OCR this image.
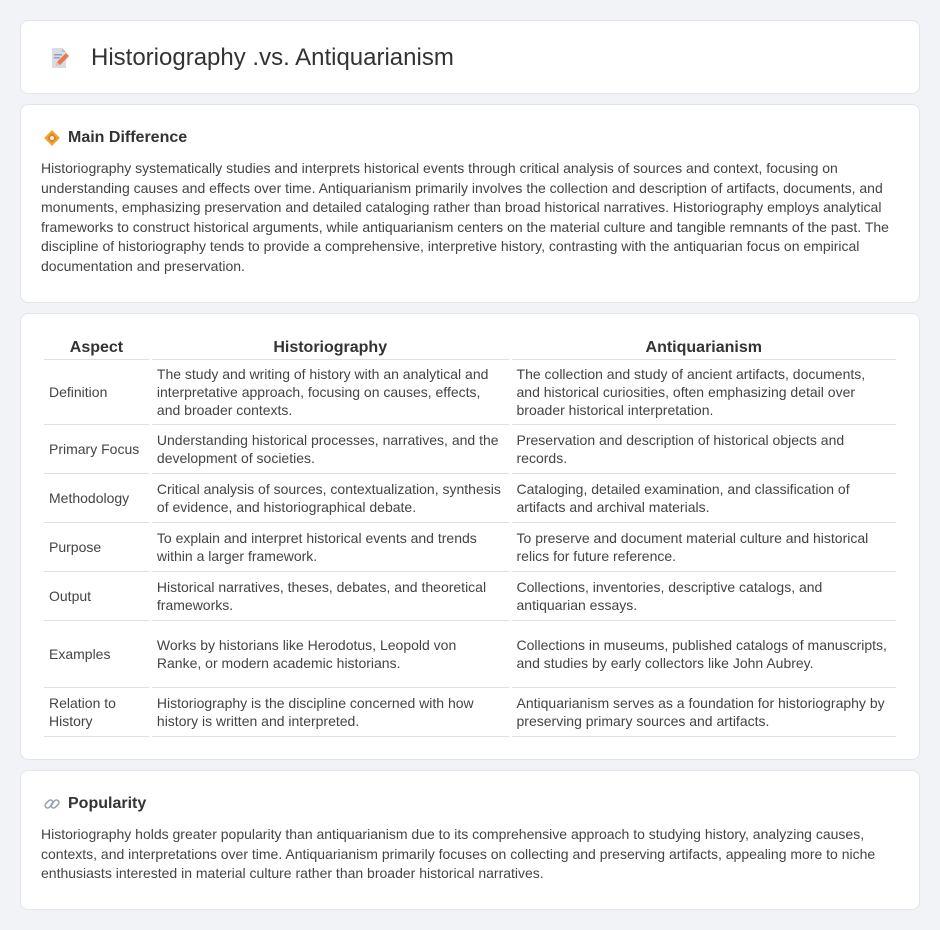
Historiography .vs. Antiquarianism
Main Difference

Historiography systematically studies and interprets historical events through critical analysis of sources and context, focusing on understanding causes and effects over time. Antiquarianism primarily involves the collection and description of artifacts, documents, and monuments, emphasizing preservation and detailed cataloging rather than broad historical narratives. Historiography employs analytical frameworks to construct historical arguments, while antiquarianism centers on the material culture and tangible remnants of the past. The discipline of historiography tends to provide a comprehensive, interpretive history, contrasting with the antiquarian focus on empirical documentation and preservation.

Aspect	Historiography	Antiquarianism
Definition	The study and writing of history with an analytical and interpretative approach, focusing on causes, effects, and broader contexts.	The collection and study of ancient artifacts, documents, and historical curiosities, often emphasizing detail over broader historical interpretation.
Primary Focus	Understanding historical processes, narratives, and the development of societies.	Preservation and description of historical objects and records.
Methodology	Critical analysis of sources, contextualization, synthesis of evidence, and historiographical debate.	Cataloging, detailed examination, and classification of artifacts and archival materials.
Purpose	To explain and interpret historical events and trends within a larger framework.	To preserve and document material culture and historical relics for future reference.
Output	Historical narratives, theses, debates, and theoretical frameworks.	Collections, inventories, descriptive catalogs, and antiquarian essays.
Examples	Works by historians like Herodotus, Leopold von Ranke, or modern academic historians.	Collections in museums, published catalogs of manuscripts, and studies by early collectors like John Aubrey.
Relation to History	Historiography is the discipline concerned with how history is written and interpreted.	Antiquarianism serves as a foundation for historiography by preserving primary sources and artifacts.
Popularity

Historiography holds greater popularity than antiquarianism due to its comprehensive approach to studying history, analyzing causes, contexts, and interpretations over time. Antiquarianism primarily focuses on collecting and preserving artifacts, appealing more to niche enthusiasts interested in material culture rather than broader historical narratives.
